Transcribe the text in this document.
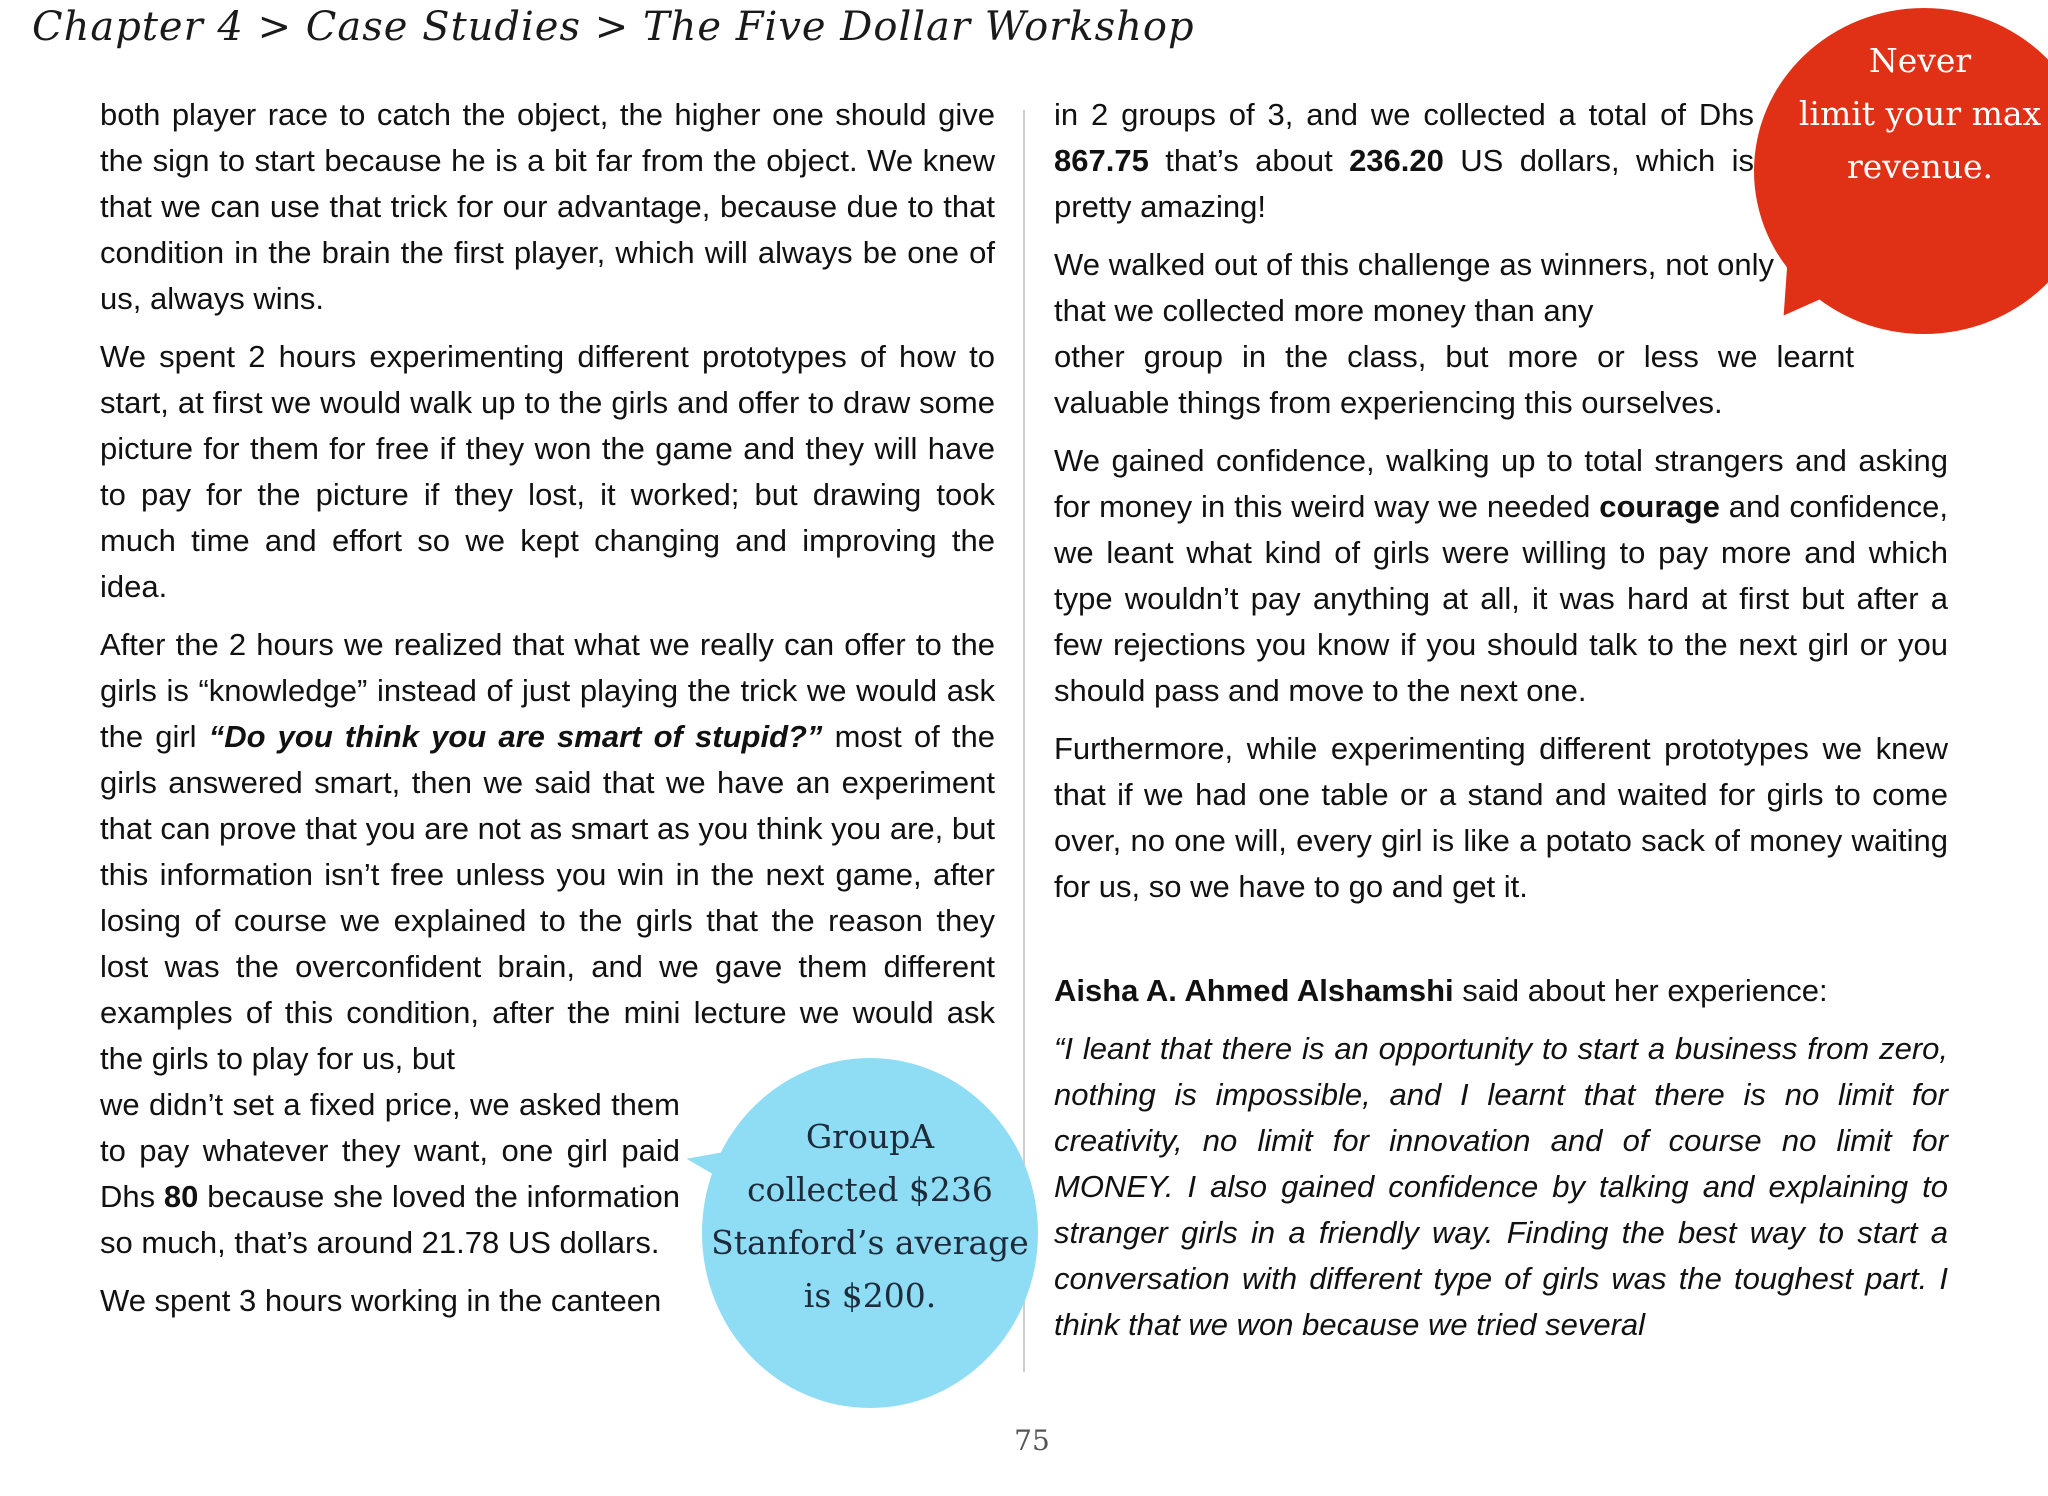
Chapter 4 > Case Studies > The Five Dollar Workshop

both player race to catch the object, the higher one should give the sign to start because he is a bit far from the object. We knew that we can use that trick for our advantage, because due to that condition in the brain the first player, which will always be one of us, always wins.

We spent 2 hours experimenting different prototypes of how to start, at first we would walk up to the girls and offer to draw some picture for them for free if they won the game and they will have to pay for the picture if they lost, it worked; but drawing took much time and effort so we kept changing and improving the idea.

After the 2 hours we realized that what we really can offer to the girls is “knowledge” instead of just playing the trick we would ask the girl “Do you think you are smart of stupid?” most of the girls answered smart, then we said that we have an experiment that can prove that you are not as smart as you think you are, but this information isn’t free unless you win in the next game, after losing of course we explained to the girls that the reason they lost was the overconfident brain, and we gave them different examples of this condition, after the mini lecture we would ask the girls to play for us, but

we didn’t set a fixed price, we asked them to pay whatever they want, one girl paid Dhs 80 because she loved the information so much, that’s around 21.78 US dollars.

We spent 3 hours working in the canteen

in 2 groups of 3, and we collected a total of Dhs 867.75 that’s about 236.20 US dollars, which is pretty amazing!

We walked out of this challenge as winners, not only that we collected more money than any
other group in the class, but more or less we learnt valuable things from experiencing this ourselves.

We gained confidence, walking up to total strangers and asking for money in this weird way we needed courage and confidence, we leant what kind of girls were willing to pay more and which type wouldn’t pay anything at all, it was hard at first but after a few rejections you know if you should talk to the next girl or you should pass and move to the next one.

Furthermore, while experimenting different prototypes we knew that if we had one table or a stand and waited for girls to come over, no one will, every girl is like a potato sack of money waiting for us, so we have to go and get it.

Aisha A. Ahmed Alshamshi said about her experience:

“I leant that there is an opportunity to start a business from zero, nothing is impossible, and I learnt that there is no limit for creativity, no limit for innovation and of course no limit for MONEY. I also gained confidence by talking and explaining to stranger girls in a friendly way. Finding the best way to start a conversation with different type of girls was the toughest part. I think that we won because we tried several

GroupA
collected $236
Stanford’s average
is $200.
Never
limit your max
revenue.
75
